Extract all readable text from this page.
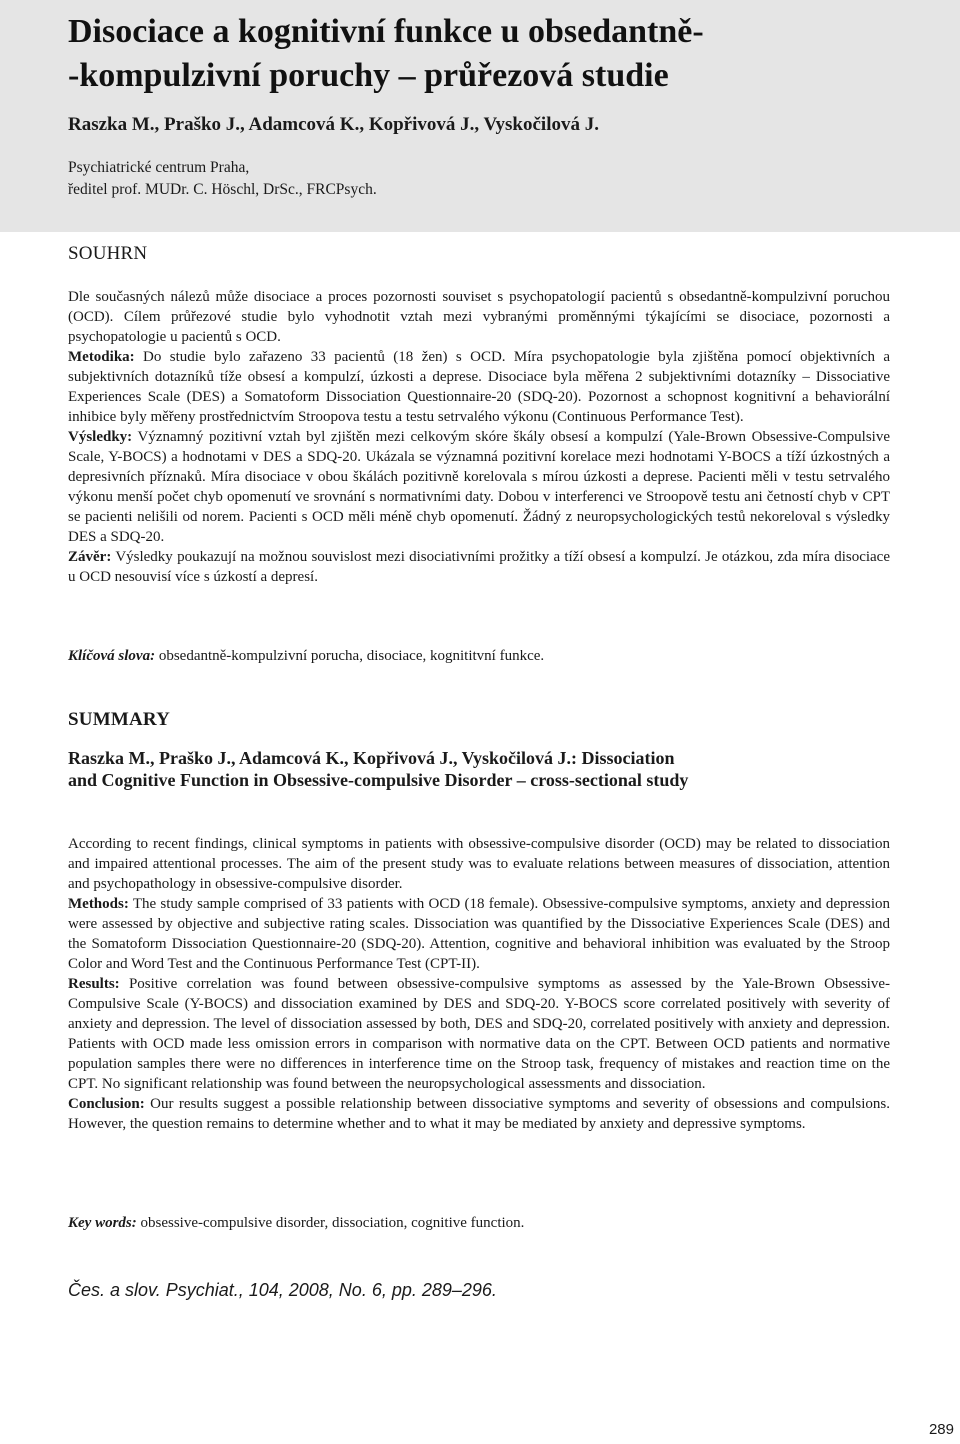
Disociace a kognitivní funkce u obsedantně-
-kompulzivní poruchy – průřezová studie
Raszka M., Praško J., Adamcová K., Kopřivová J., Vyskočilová J.
Psychiatrické centrum Praha,
ředitel prof. MUDr. C. Höschl, DrSc., FRCPsych.
SOUHRN

Dle současných nálezů může disociace a proces pozornosti souviset s psychopatologií pacientů s obsedantně-kompulzivní poruchou (OCD). Cílem průřezové studie bylo vyhodnotit vztah mezi vybranými proměnnými týkajícími se disociace, pozornosti a psychopatologie u pacientů s OCD.

Metodika: Do studie bylo zařazeno 33 pacientů (18 žen) s OCD. Míra psychopatologie byla zjištěna pomocí objektivních a subjektivních dotazníků tíže obsesí a kompulzí, úzkosti a deprese. Disociace byla měřena 2 subjektivními dotazníky – Dissociative Experiences Scale (DES) a Somatoform Dissociation Questionnaire-20 (SDQ-20). Pozornost a schopnost kognitivní a behaviorální inhibice byly měřeny prostřednictvím Stroopova testu a testu setrvalého výkonu (Continuous Performance Test).

Výsledky: Významný pozitivní vztah byl zjištěn mezi celkovým skóre škály obsesí a kompulzí (Yale-Brown Obsessive-Compulsive Scale, Y-BOCS) a hodnotami v DES a SDQ-20. Ukázala se významná pozitivní korelace mezi hodnotami Y-BOCS a tíží úzkostných a depresivních příznaků. Míra disociace v obou škálách pozitivně korelovala s mírou úzkosti a deprese. Pacienti měli v testu setrvalého výkonu menší počet chyb opomenutí ve srovnání s normativními daty. Dobou v interferenci ve Stroopově testu ani četností chyb v CPT se pacienti nelišili od norem. Pacienti s OCD měli méně chyb opomenutí. Žádný z neuropsychologických testů nekoreloval s výsledky DES a SDQ-20.

Závěr: Výsledky poukazují na možnou souvislost mezi disociativními prožitky a tíží obsesí a kompulzí. Je otázkou, zda míra disociace u OCD nesouvisí více s úzkostí a depresí.

Klíčová slova: obsedantně-kompulzivní porucha, disociace, kognititvní funkce.
SUMMARY
Raszka M., Praško J., Adamcová K., Kopřivová J., Vyskočilová J.: Dissociation
and Cognitive Function in Obsessive-compulsive Disorder – cross-sectional study

According to recent findings, clinical symptoms in patients with obsessive-compulsive disorder (OCD) may be related to dissociation and impaired attentional processes. The aim of the present study was to evaluate relations between measures of dissociation, attention and psychopathology in obsessive-compulsive disorder.

Methods: The study sample comprised of 33 patients with OCD (18 female). Obsessive-compulsive symptoms, anxiety and depression were assessed by objective and subjective rating scales. Dissociation was quantified by the Dissociative Experiences Scale (DES) and the Somatoform Dissociation Questionnaire-20 (SDQ-20). Attention, cognitive and behavioral inhibition was evaluated by the Stroop Color and Word Test and the Continuous Performance Test (CPT-II).

Results: Positive correlation was found between obsessive-compulsive symptoms as assessed by the Yale-Brown Obsessive-Compulsive Scale (Y-BOCS) and dissociation examined by DES and SDQ-20. Y-BOCS score correlated positively with severity of anxiety and depression. The level of dissociation assessed by both, DES and SDQ-20, correlated positively with anxiety and depression. Patients with OCD made less omission errors in comparison with normative data on the CPT. Between OCD patients and normative population samples there were no differences in interference time on the Stroop task, frequency of mistakes and reaction time on the CPT. No significant relationship was found between the neuropsychological assessments and dissociation.

Conclusion: Our results suggest a possible relationship between dissociative symptoms and severity of obsessions and compulsions. However, the question remains to determine whether and to what it may be mediated by anxiety and depressive symptoms.

Key words: obsessive-compulsive disorder, dissociation, cognitive function.
Čes. a slov. Psychiat., 104, 2008, No. 6, pp. 289–296.
289
